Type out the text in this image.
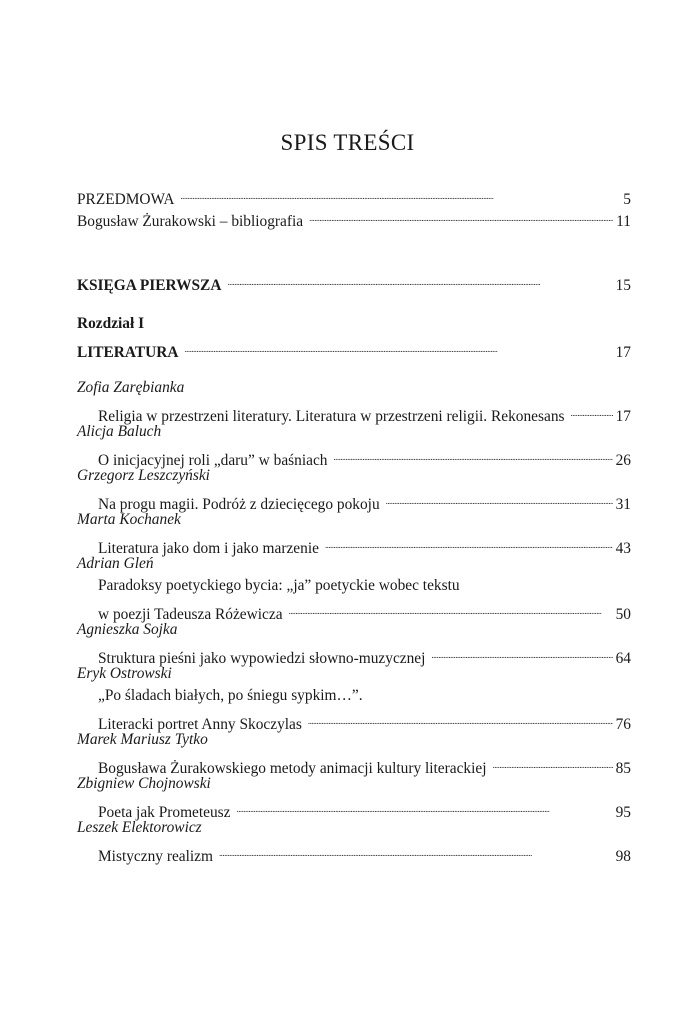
SPIS TREŚCI
PRZEDMOWA . . .	5
Bogusław Żurakowski – bibliografia . . .	11
KSIĘGA PIERWSZA . . .	15
Rozdział I
LITERATURA . . .	17
Zofia Zarębianka
Religia w przestrzeni literatury. Literatura w przestrzeni religii. Rekonesans . . .	17
Alicja Baluch
O inicjacyjnej roli „daru” w baśniach . . .	26
Grzegorz Leszczyński
Na progu magii. Podróż z dziecięcego pokoju . . .	31
Marta Kochanek
Literatura jako dom i jako marzenie . . .	43
Adrian Gleń
Paradoksy poetyckiego bycia: „ja” poetyckie wobec tekstu
w poezji Tadeusza Różewicza . . .	50
Agnieszka Sojka
Struktura pieśni jako wypowiedzi słowno-muzycznej . . .	64
Eryk Ostrowski
„Po śladach białych, po śniegu sypkim…”.
Literacki portret Anny Skoczylas . . .	76
Marek Mariusz Tytko
Bogusława Żurakowskiego metody animacji kultury literackiej . . .	85
Zbigniew Chojnowski
Poeta jak Prometeusz . . .	95
Leszek Elektorowicz
Mistyczny realizm . . .	98
